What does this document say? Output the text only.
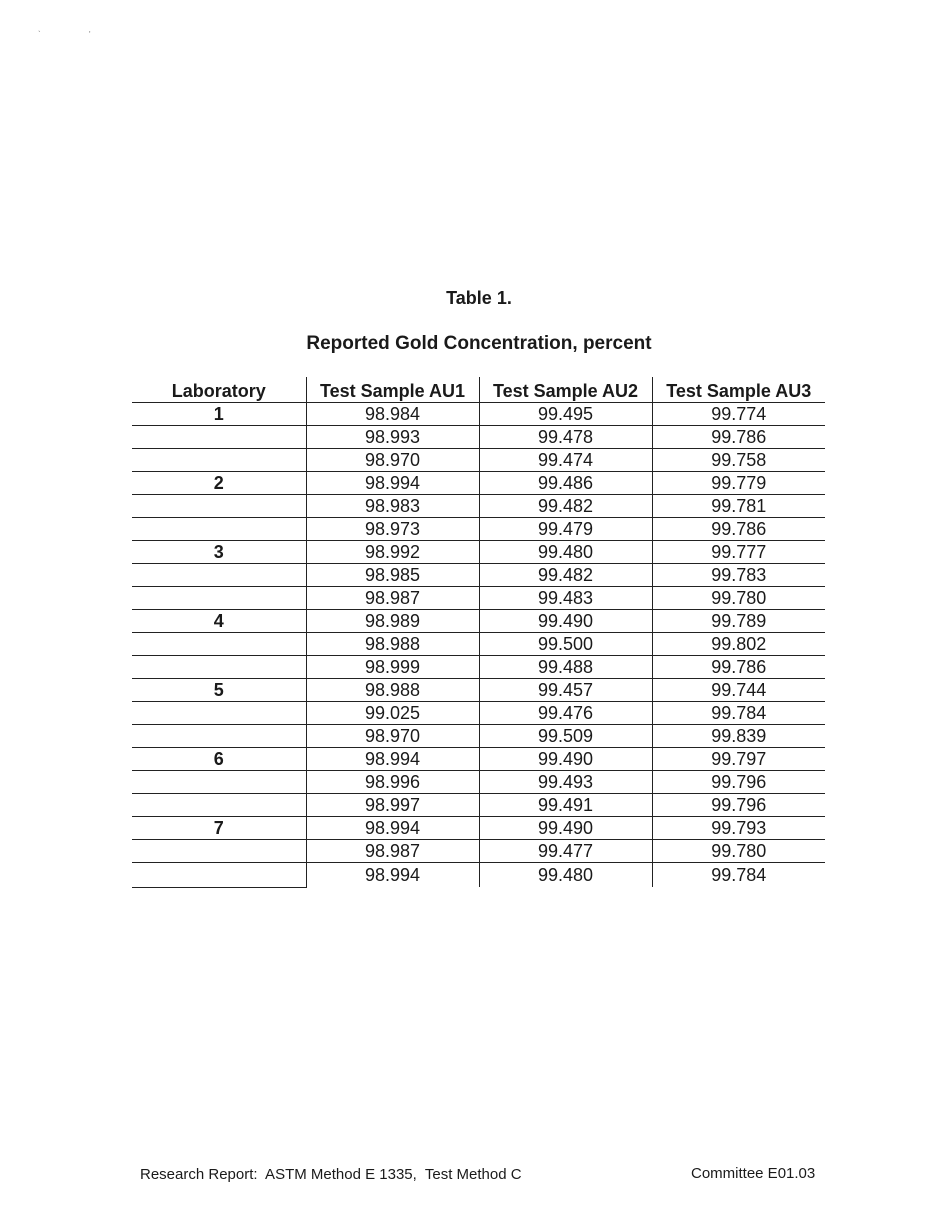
`	'
Table 1.
Reported Gold Concentration, percent
Laboratory	Test Sample AU1	Test Sample AU2	Test Sample AU3
1	98.984	99.495	99.774
	98.993	99.478	99.786
	98.970	99.474	99.758
2	98.994	99.486	99.779
	98.983	99.482	99.781
	98.973	99.479	99.786
3	98.992	99.480	99.777
	98.985	99.482	99.783
	98.987	99.483	99.780
4	98.989	99.490	99.789
	98.988	99.500	99.802
	98.999	99.488	99.786
5	98.988	99.457	99.744
	99.025	99.476	99.784
	98.970	99.509	99.839
6	98.994	99.490	99.797
	98.996	99.493	99.796
	98.997	99.491	99.796
7	98.994	99.490	99.793
	98.987	99.477	99.780
	98.994	99.480	99.784
Research Report:  ASTM Method E 1335,  Test Method C	Committee E01.03
